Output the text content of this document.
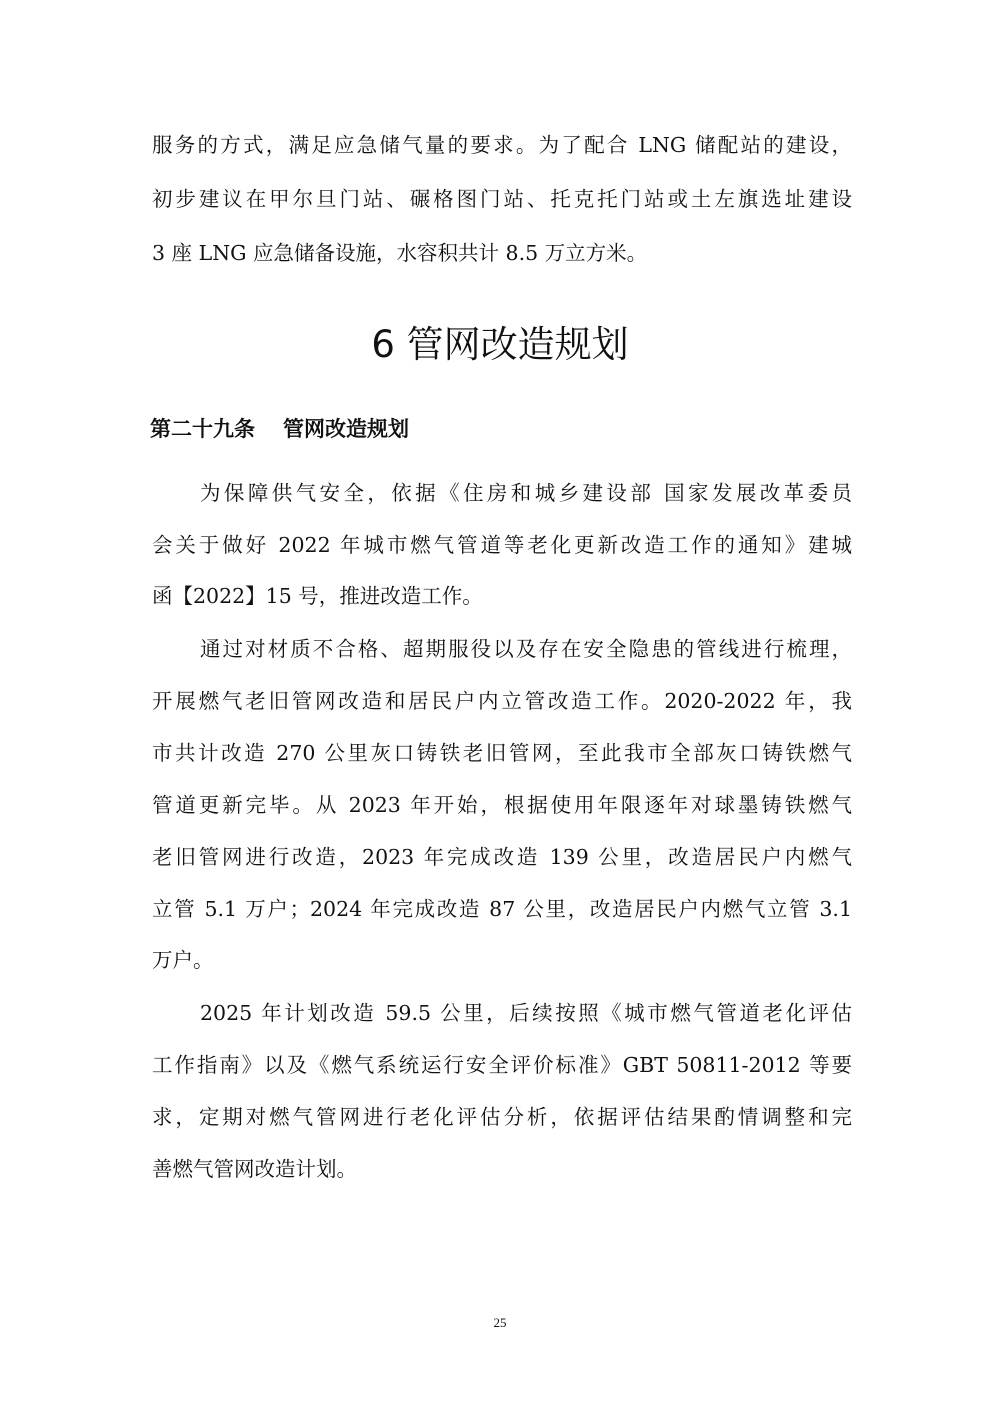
服务的方式，满足应急储气量的要求。为了配合 LNG 储配站的建设，
初步建议在甲尔旦门站、碾格图门站、托克托门站或土左旗选址建设
3 座 LNG 应急储备设施，水容积共计 8.5 万立方米。
6 管网改造规划
第二十九条 管网改造规划
为保障供气安全，依据《住房和城乡建设部 国家发展改革委员
会关于做好 2022 年城市燃气管道等老化更新改造工作的通知》建城
函【2022】15 号，推进改造工作。
通过对材质不合格、超期服役以及存在安全隐患的管线进行梳理，
开展燃气老旧管网改造和居民户内立管改造工作。2020-2022 年，我
市共计改造 270 公里灰口铸铁老旧管网，至此我市全部灰口铸铁燃气
管道更新完毕。从 2023 年开始，根据使用年限逐年对球墨铸铁燃气
老旧管网进行改造，2023 年完成改造 139 公里，改造居民户内燃气
立管 5.1 万户；2024 年完成改造 87 公里，改造居民户内燃气立管 3.1
万户。
2025 年计划改造 59.5 公里，后续按照《城市燃气管道老化评估
工作指南》以及《燃气系统运行安全评价标准》GBT 50811-2012 等要
求，定期对燃气管网进行老化评估分析，依据评估结果酌情调整和完
善燃气管网改造计划。
25
